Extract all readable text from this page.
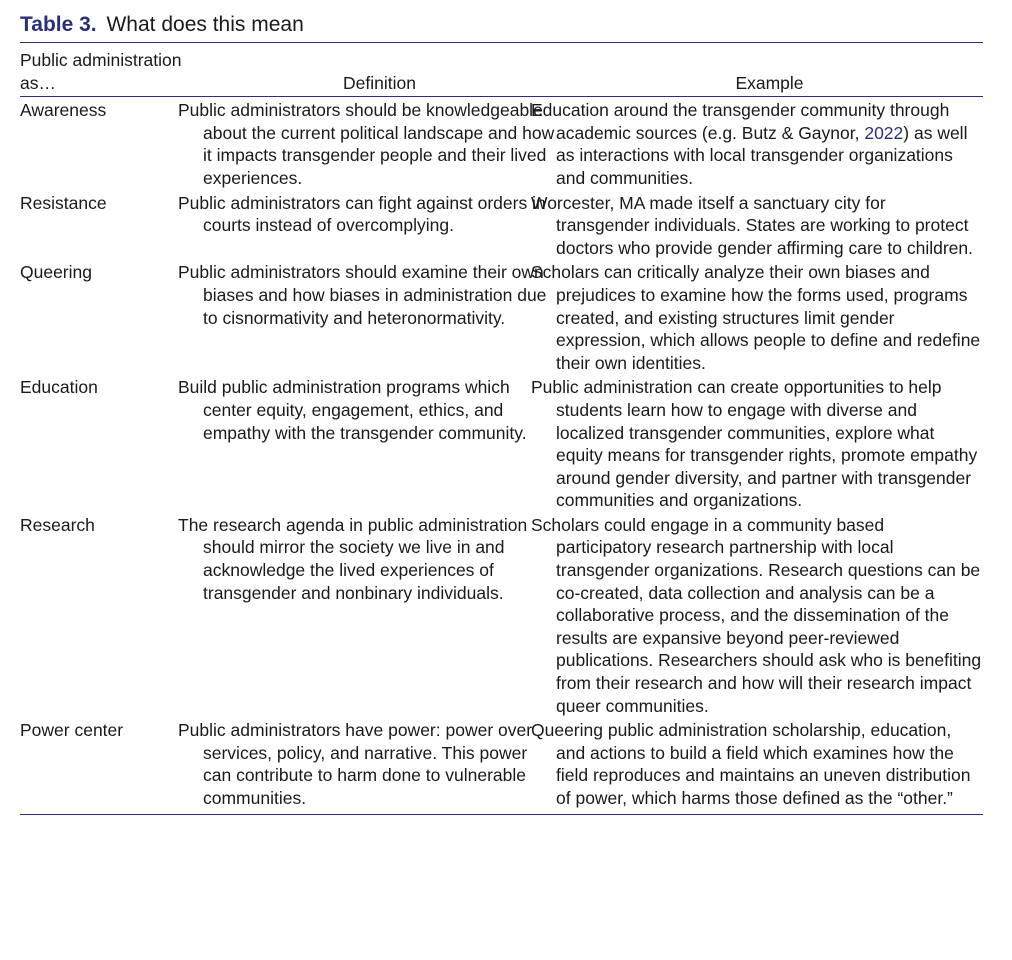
Table 3. What does this mean
Public administration as…	Definition	Example
Awareness	Public administrators should be knowledgeable about the current political landscape and how it impacts transgender people and their lived experiences.	Education around the transgender community through academic sources (e.g. Butz & Gaynor, 2022) as well as interactions with local transgender organizations and communities.
Resistance	Public administrators can fight against orders in courts instead of overcomplying.	Worcester, MA made itself a sanctuary city for transgender individuals. States are working to protect doctors who provide gender affirming care to children.
Queering	Public administrators should examine their own biases and how biases in administration due to cisnormativity and heteronormativity.	Scholars can critically analyze their own biases and prejudices to examine how the forms used, programs created, and existing structures limit gender expression, which allows people to define and redefine their own identities.
Education	Build public administration programs which center equity, engagement, ethics, and empathy with the transgender community.	Public administration can create opportunities to help students learn how to engage with diverse and localized transgender communities, explore what equity means for transgender rights, promote empathy around gender diversity, and partner with transgender communities and organizations.
Research	The research agenda in public administration should mirror the society we live in and acknowledge the lived experiences of transgender and nonbinary individuals.	Scholars could engage in a community based participatory research partnership with local transgender organizations. Research questions can be co-created, data collection and analysis can be a collaborative process, and the dissemination of the results are expansive beyond peer-reviewed publications. Researchers should ask who is benefiting from their research and how will their research impact queer communities.
Power center	Public administrators have power: power over services, policy, and narrative. This power can contribute to harm done to vulnerable communities.	Queering public administration scholarship, education, and actions to build a field which examines how the field reproduces and maintains an uneven distribution of power, which harms those defined as the “other.”
